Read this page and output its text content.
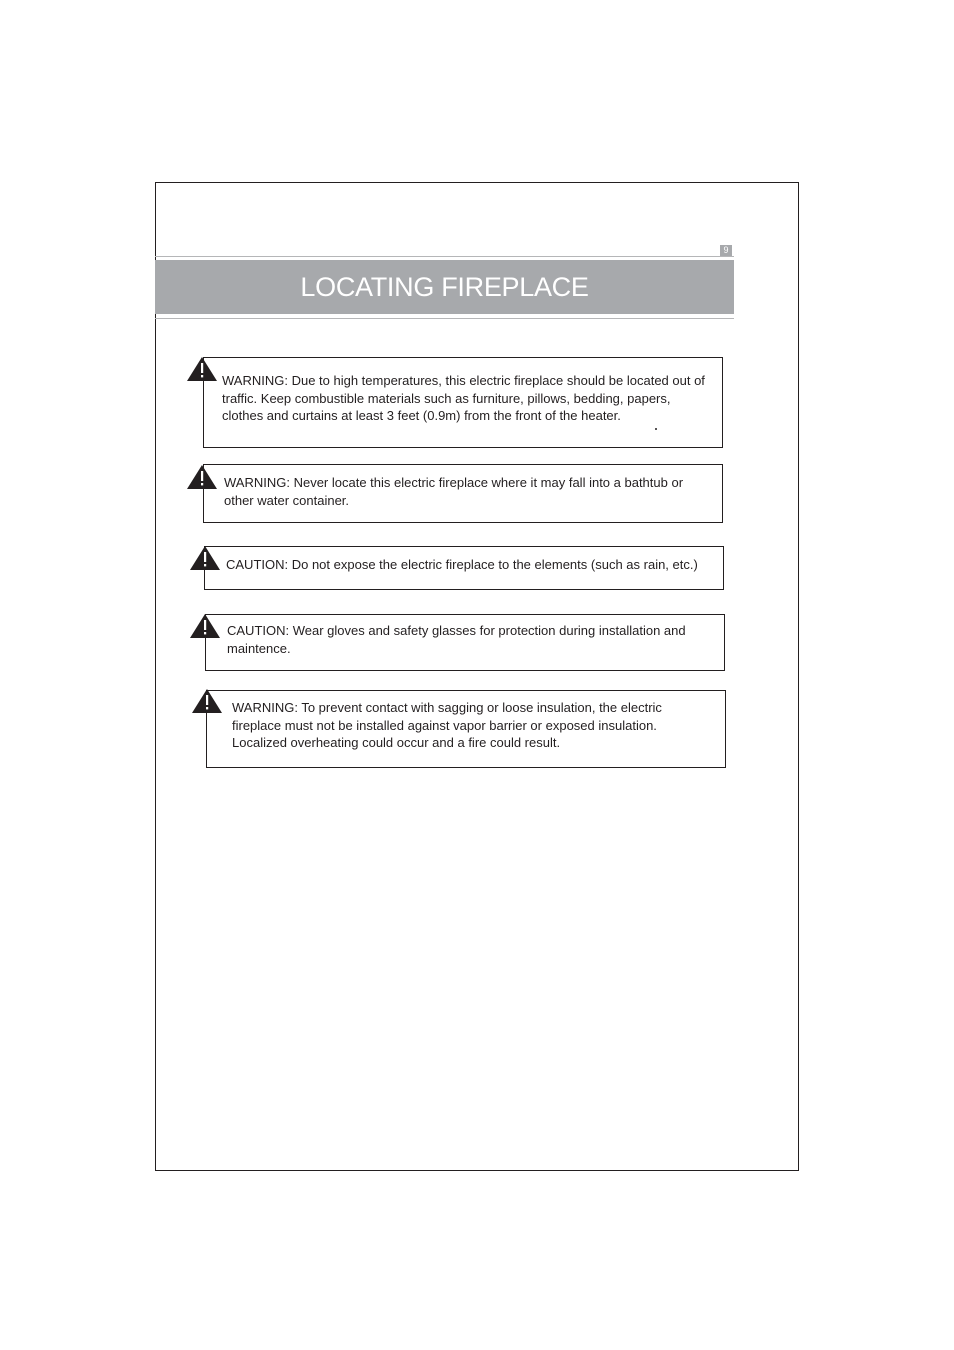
9
LOCATING FIREPLACE
WARNING: Due to high temperatures, this electric fireplace should be located out of traffic. Keep combustible materials such as furniture, pillows, bedding, papers, clothes and curtains at least 3 feet (0.9m) from the front of the heater.
WARNING: Never locate this electric fireplace where it may fall into a bathtub or other water container.
CAUTION: Do not expose the electric fireplace to the elements (such as rain, etc.)
CAUTION: Wear gloves and safety glasses for protection during installation and maintence.
WARNING: To prevent contact with sagging or loose insulation, the electric fireplace must not be installed against vapor barrier or exposed insulation. Localized overheating could occur and a fire could result.
